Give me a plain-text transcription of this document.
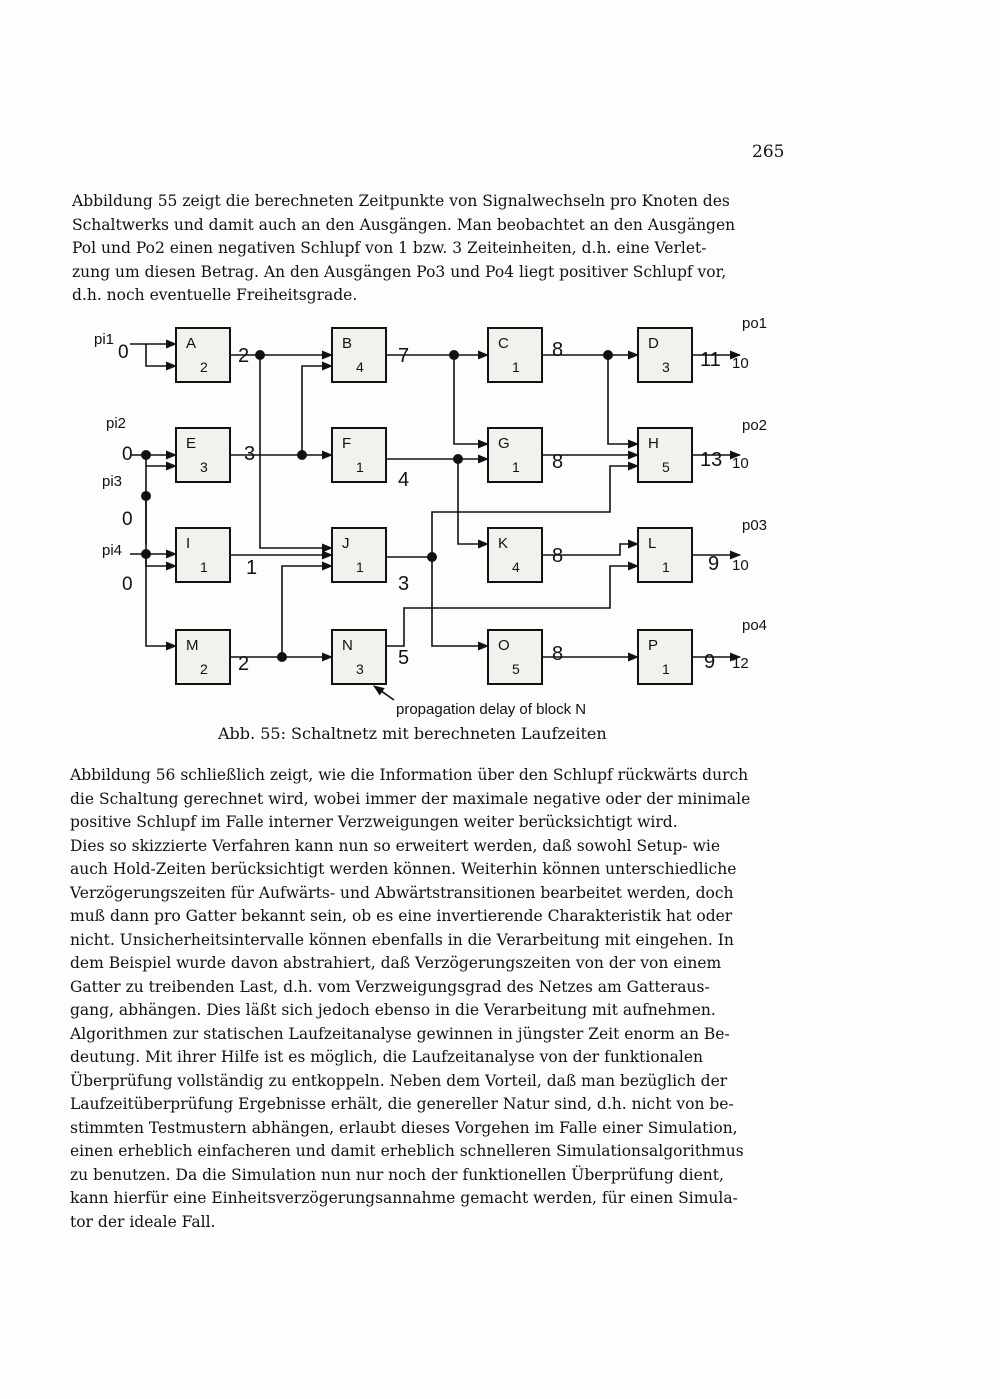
265
Abbildung 55 zeigt die berechneten Zeitpunkte von Signalwechseln pro Knoten des
Schaltwerks und damit auch an den Ausgängen. Man beobachtet an den Ausgängen
Pol und Po2 einen negativen Schlupf von 1 bzw. 3 Zeiteinheiten, d.h. eine Verlet-
zung um diesen Betrag. An den Ausgängen Po3 und Po4 liegt positiver Schlupf vor,
d.h. noch eventuelle Freiheitsgrade.
A
2
B
4
C
1
D
3
E
3
F
1
G
1
H
5
I
1
J
1
K
4
L
1
M
2
N
3
O
5
P
1
pi1
0
pi2
0
pi3
0
pi4
0
2	7	8	11
3
4
8	13
1
3
8	9
2	5	8	9
po1
10
po2
10
p03
10
po4
12
propagation delay of block N
Abb. 55: Schaltnetz mit berechneten Laufzeiten
Abbildung 56 schließlich zeigt, wie die Information über den Schlupf rückwärts durch
die Schaltung gerechnet wird, wobei immer der maximale negative oder der minimale
positive Schlupf im Falle interner Verzweigungen weiter berücksichtigt wird.
Dies so skizzierte Verfahren kann nun so erweitert werden, daß sowohl Setup- wie
auch Hold-Zeiten berücksichtigt werden können. Weiterhin können unterschiedliche
Verzögerungszeiten für Aufwärts- und Abwärtstransitionen bearbeitet werden, doch
muß dann pro Gatter bekannt sein, ob es eine invertierende Charakteristik hat oder
nicht. Unsicherheitsintervalle können ebenfalls in die Verarbeitung mit eingehen. In
dem Beispiel wurde davon abstrahiert, daß Verzögerungszeiten von der von einem
Gatter zu treibenden Last, d.h. vom Verzweigungsgrad des Netzes am Gatteraus-
gang, abhängen. Dies läßt sich jedoch ebenso in die Verarbeitung mit aufnehmen.
Algorithmen zur statischen Laufzeitanalyse gewinnen in jüngster Zeit enorm an Be-
deutung. Mit ihrer Hilfe ist es möglich, die Laufzeitanalyse von der funktionalen
Überprüfung vollständig zu entkoppeln. Neben dem Vorteil, daß man bezüglich der
Laufzeitüberprüfung Ergebnisse erhält, die genereller Natur sind, d.h. nicht von be-
stimmten Testmustern abhängen, erlaubt dieses Vorgehen im Falle einer Simulation,
einen erheblich einfacheren und damit erheblich schnelleren Simulationsalgorithmus
zu benutzen. Da die Simulation nun nur noch der funktionellen Überprüfung dient,
kann hierfür eine Einheitsverzögerungsannahme gemacht werden, für einen Simula-
tor der ideale Fall.
